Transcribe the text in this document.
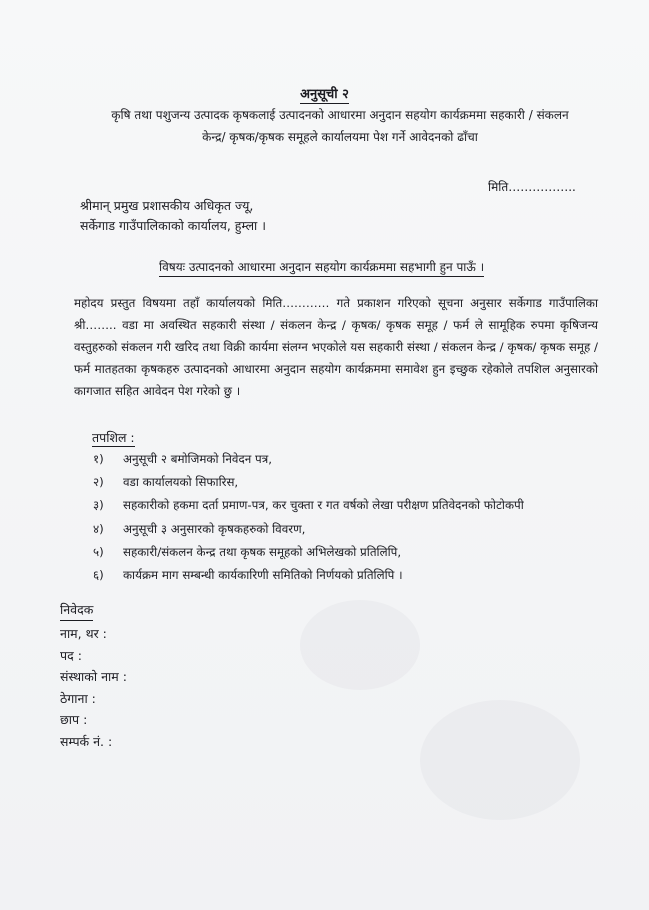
अनुसूची २
कृषि तथा पशुजन्य उत्पादक कृषकलाई उत्पादनको आधारमा अनुदान सहयोग कार्यक्रममा सहकारी / संकलन
केन्द्र/ कृषक/कृषक समूहले कार्यालयमा पेश गर्ने आवेदनको ढाँचा
मिति……………..
श्रीमान् प्रमुख प्रशासकीय अधिकृत ज्यू,
सर्केगाड गाउँपालिकाको कार्यालय, हुम्ला ।
विषयः उत्पादनको आधारमा अनुदान सहयोग कार्यक्रममा सहभागी हुन पाऊँ ।
महोदय प्रस्तुत विषयमा तहाँ कार्यालयको मिति………… गते प्रकाशन गरिएको सूचना अनुसार सर्केगाड गाउँपालिका श्री…….. वडा मा अवस्थित सहकारी संस्था / संकलन केन्द्र / कृषक/ कृषक समूह / फर्म ले सामूहिक रुपमा कृषिजन्य वस्तुहरुको संकलन गरी खरिद तथा विक्री कार्यमा संलग्न भएकोले यस सहकारी संस्था / संकलन केन्द्र / कृषक/ कृषक समूह / फर्म मातहतका कृषकहरु उत्पादनको आधारमा अनुदान सहयोग कार्यक्रममा समावेश हुन इच्छुक रहेकोले तपशिल अनुसारको कागजात सहित आवेदन पेश गरेको छु ।
तपशिल :
१)	अनुसूची २ बमोजिमको निवेदन पत्र,
२)	वडा कार्यालयको सिफारिस,
३)	सहकारीको हकमा दर्ता प्रमाण-पत्र, कर चुक्ता र गत वर्षको लेखा परीक्षण प्रतिवेदनको फोटोकपी
४)	अनुसूची ३ अनुसारको कृषकहरुको विवरण,
५)	सहकारी/संकलन केन्द्र तथा कृषक समूहको अभिलेखको प्रतिलिपि,
६)	कार्यक्रम माग सम्बन्धी कार्यकारिणी समितिको निर्णयको प्रतिलिपि ।
निवेदक
नाम, थर :
पद :
संस्थाको नाम :
ठेगाना :
छाप :
सम्पर्क नं. :
